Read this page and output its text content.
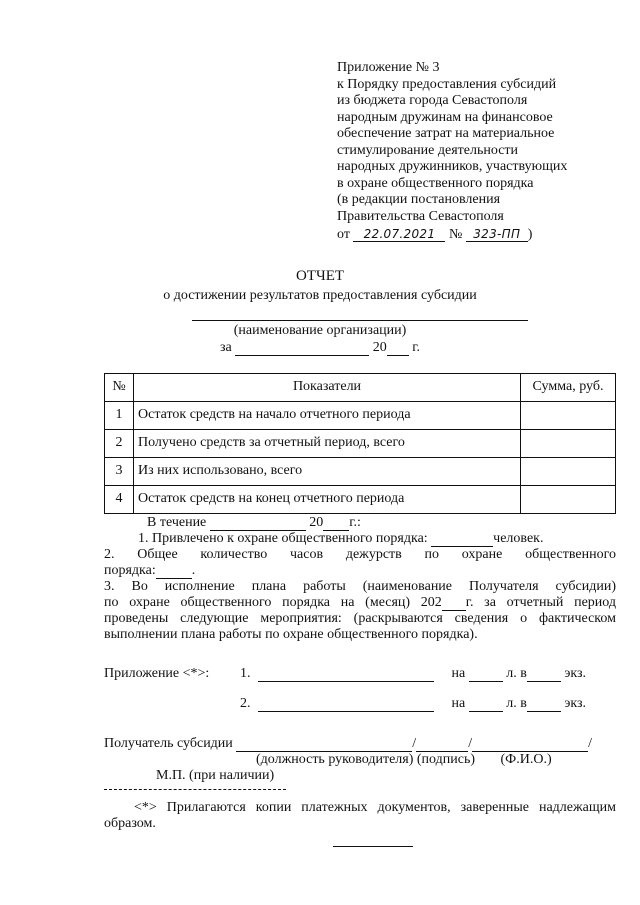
Приложение № 3
к Порядку предоставления субсидий
из бюджета города Севастополя
народным дружинам на финансовое
обеспечение затрат на материальное
стимулирование деятельности
народных дружинников, участвующих
в охране общественного порядка
(в редакции постановления
Правительства Севастополя
от 22.07.2021 № 323-ПП )
ОТЧЕТ
о достижении результатов предоставления субсидии
(наименование организации)
за	20 г.
№	Показатели	Сумма, руб.
1	Остаток средств на начало отчетного периода	
2	Получено средств за отчетный период, всего	
3	Из них использовано, всего	
4	Остаток средств на конец отчетного периода	
В течение	20 г.:
1. Привлечено к охране общественного порядка:	человек.
2. Общее количество часов дежурств по охране общественного
порядка:	.
3. Во исполнение плана работы (наименование Получателя субсидии)
по охране общественного порядка на (месяц) 202 г. за отчетный период
проведены следующие мероприятия: (раскрываются сведения о фактическом
выполнении плана работы по охране общественного порядка).
Приложение <*>: 1.	на	л. в	экз.
2.	на	л. в	экз.
Получатель субсидии	/	/	/
(должность руководителя) (подпись) (Ф.И.О.)
М.П. (при наличии)
<*> Прилагаются копии платежных документов, заверенные надлежащим
образом.
